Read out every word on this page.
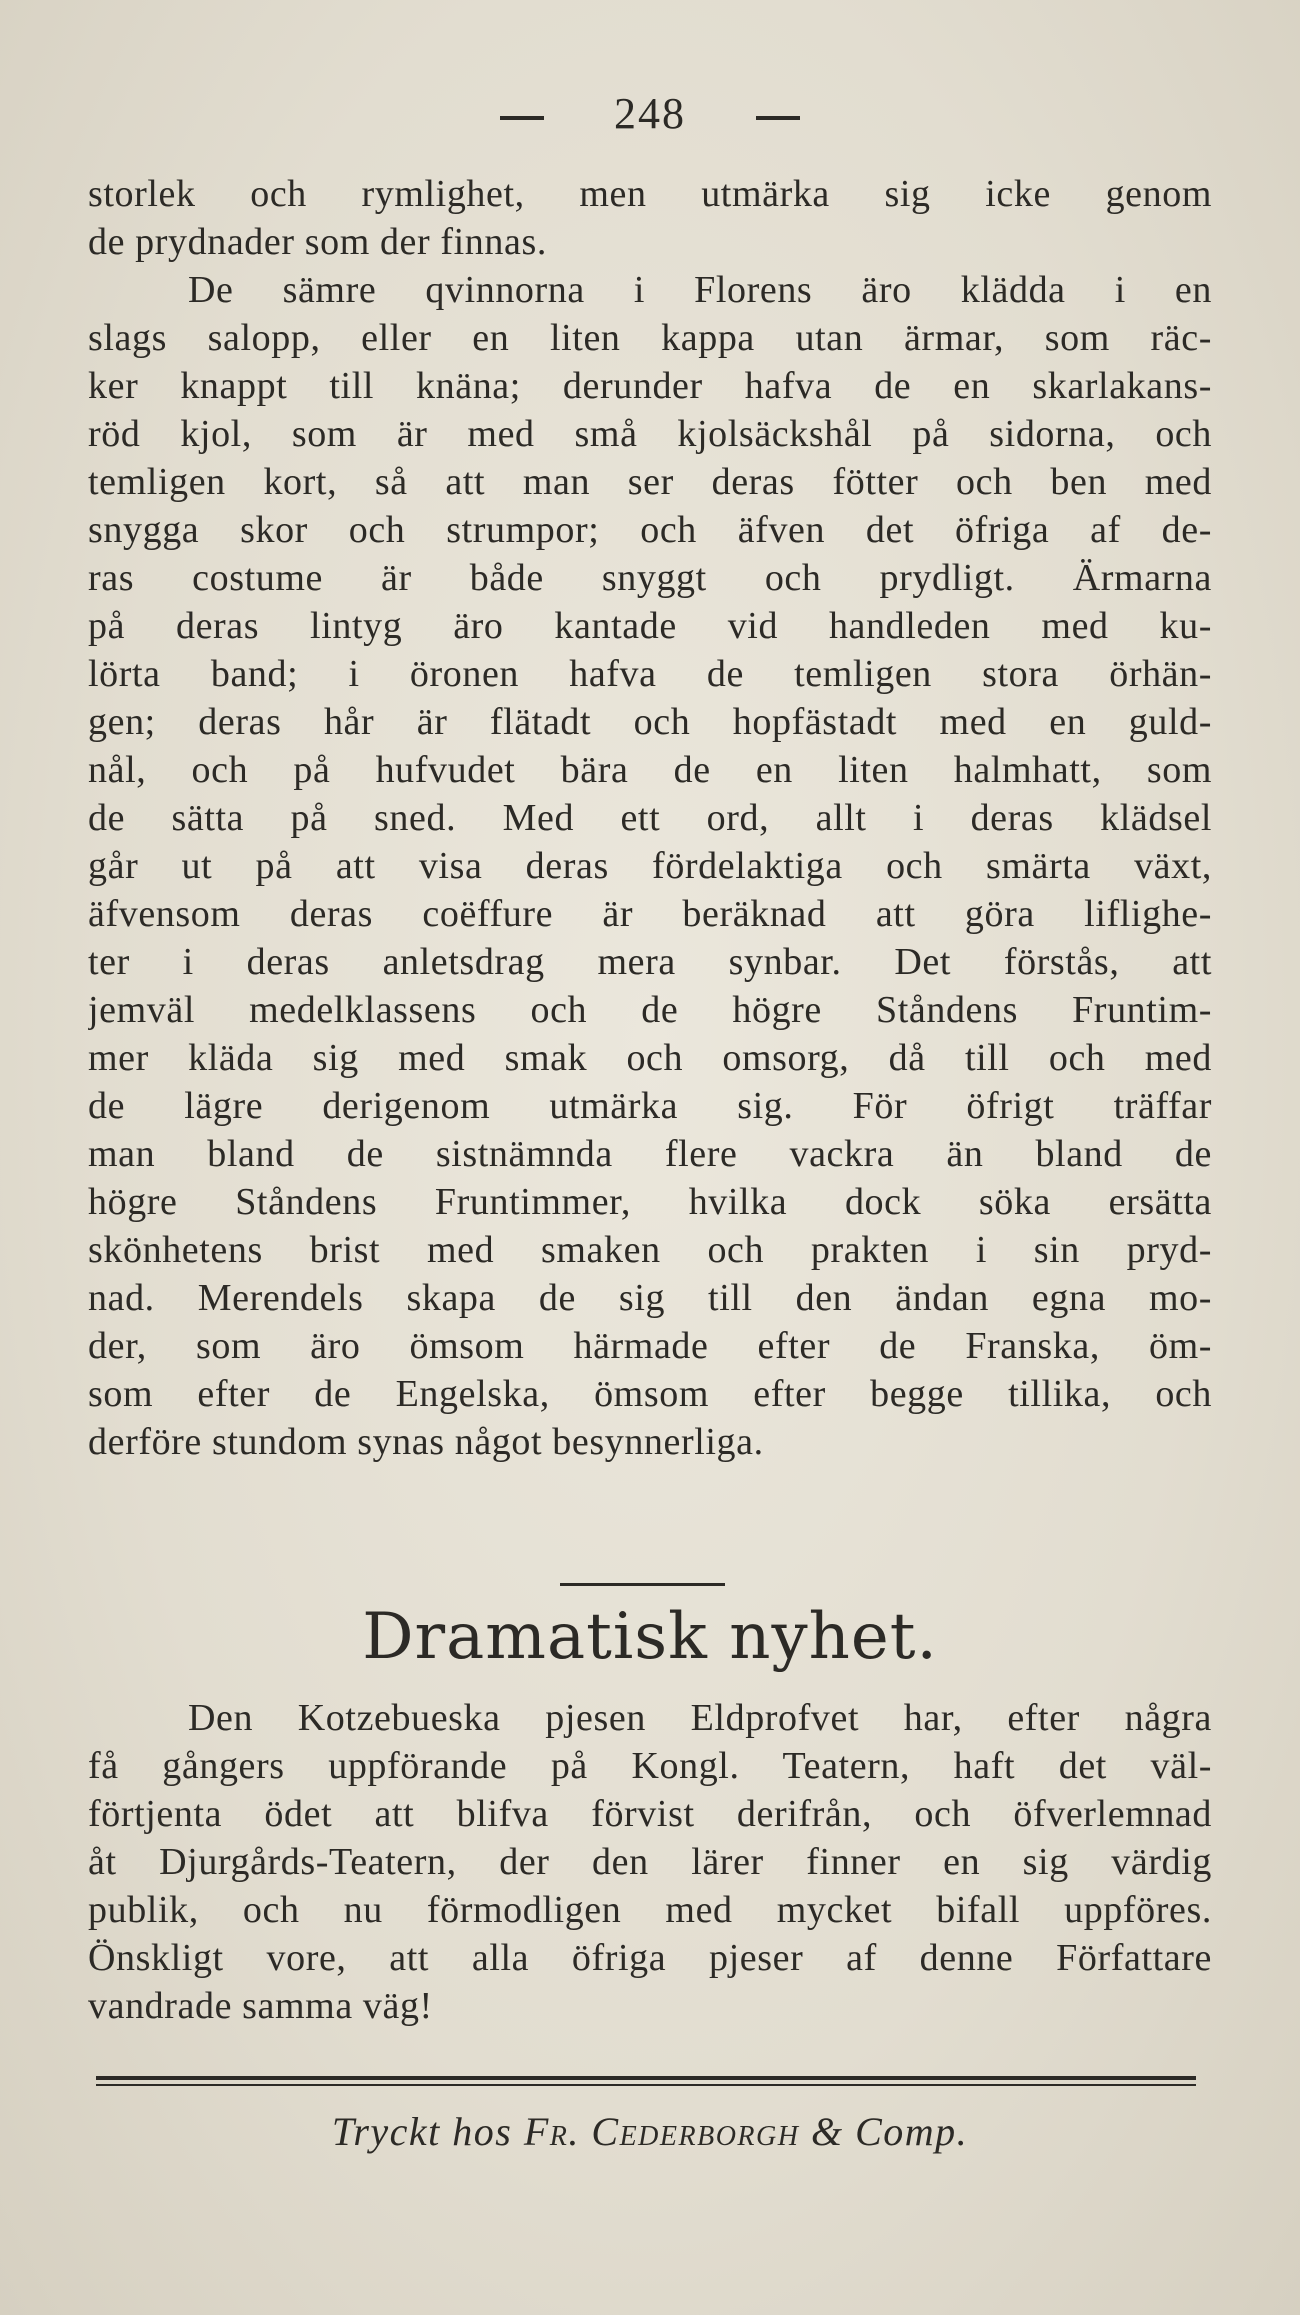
248
storlek och rymlighet, men utmärka sig icke genom
de prydnader som der finnas.
De sämre qvinnorna i Florens äro klädda i en
slags salopp, eller en liten kappa utan ärmar, som räc-
ker knappt till knäna; derunder hafva de en skarlakans-
röd kjol, som är med små kjolsäckshål på sidorna, och
temligen kort, så att man ser deras fötter och ben med
snygga skor och strumpor; och äfven det öfriga af de-
ras costume är både snyggt och prydligt. Ärmarna
på deras lintyg äro kantade vid handleden med ku-
lörta band; i öronen hafva de temligen stora örhän-
gen; deras hår är flätadt och hopfästadt med en guld-
nål, och på hufvudet bära de en liten halmhatt, som
de sätta på sned. Med ett ord, allt i deras klädsel
går ut på att visa deras fördelaktiga och smärta växt,
äfvensom deras coëffure är beräknad att göra liflighe-
ter i deras anletsdrag mera synbar. Det förstås, att
jemväl medelklassens och de högre Ståndens Fruntim-
mer kläda sig med smak och omsorg, då till och med
de lägre derigenom utmärka sig. För öfrigt träffar
man bland de sistnämnda flere vackra än bland de
högre Ståndens Fruntimmer, hvilka dock söka ersätta
skönhetens brist med smaken och prakten i sin pryd-
nad. Merendels skapa de sig till den ändan egna mo-
der, som äro ömsom härmade efter de Franska, öm-
som efter de Engelska, ömsom efter begge tillika, och
derföre stundom synas något besynnerliga.
Dramatisk nyhet.
Den Kotzebueska pjesen Eldprofvet har, efter några
få gångers uppförande på Kongl. Teatern, haft det väl-
förtjenta ödet att blifva förvist derifrån, och öfverlemnad
åt Djurgårds-Teatern, der den lärer finner en sig värdig
publik, och nu förmodligen med mycket bifall uppföres.
Önskligt vore, att alla öfriga pjeser af denne Författare
vandrade samma väg!
Tryckt hos Fr. Cederborgh & Comp.
